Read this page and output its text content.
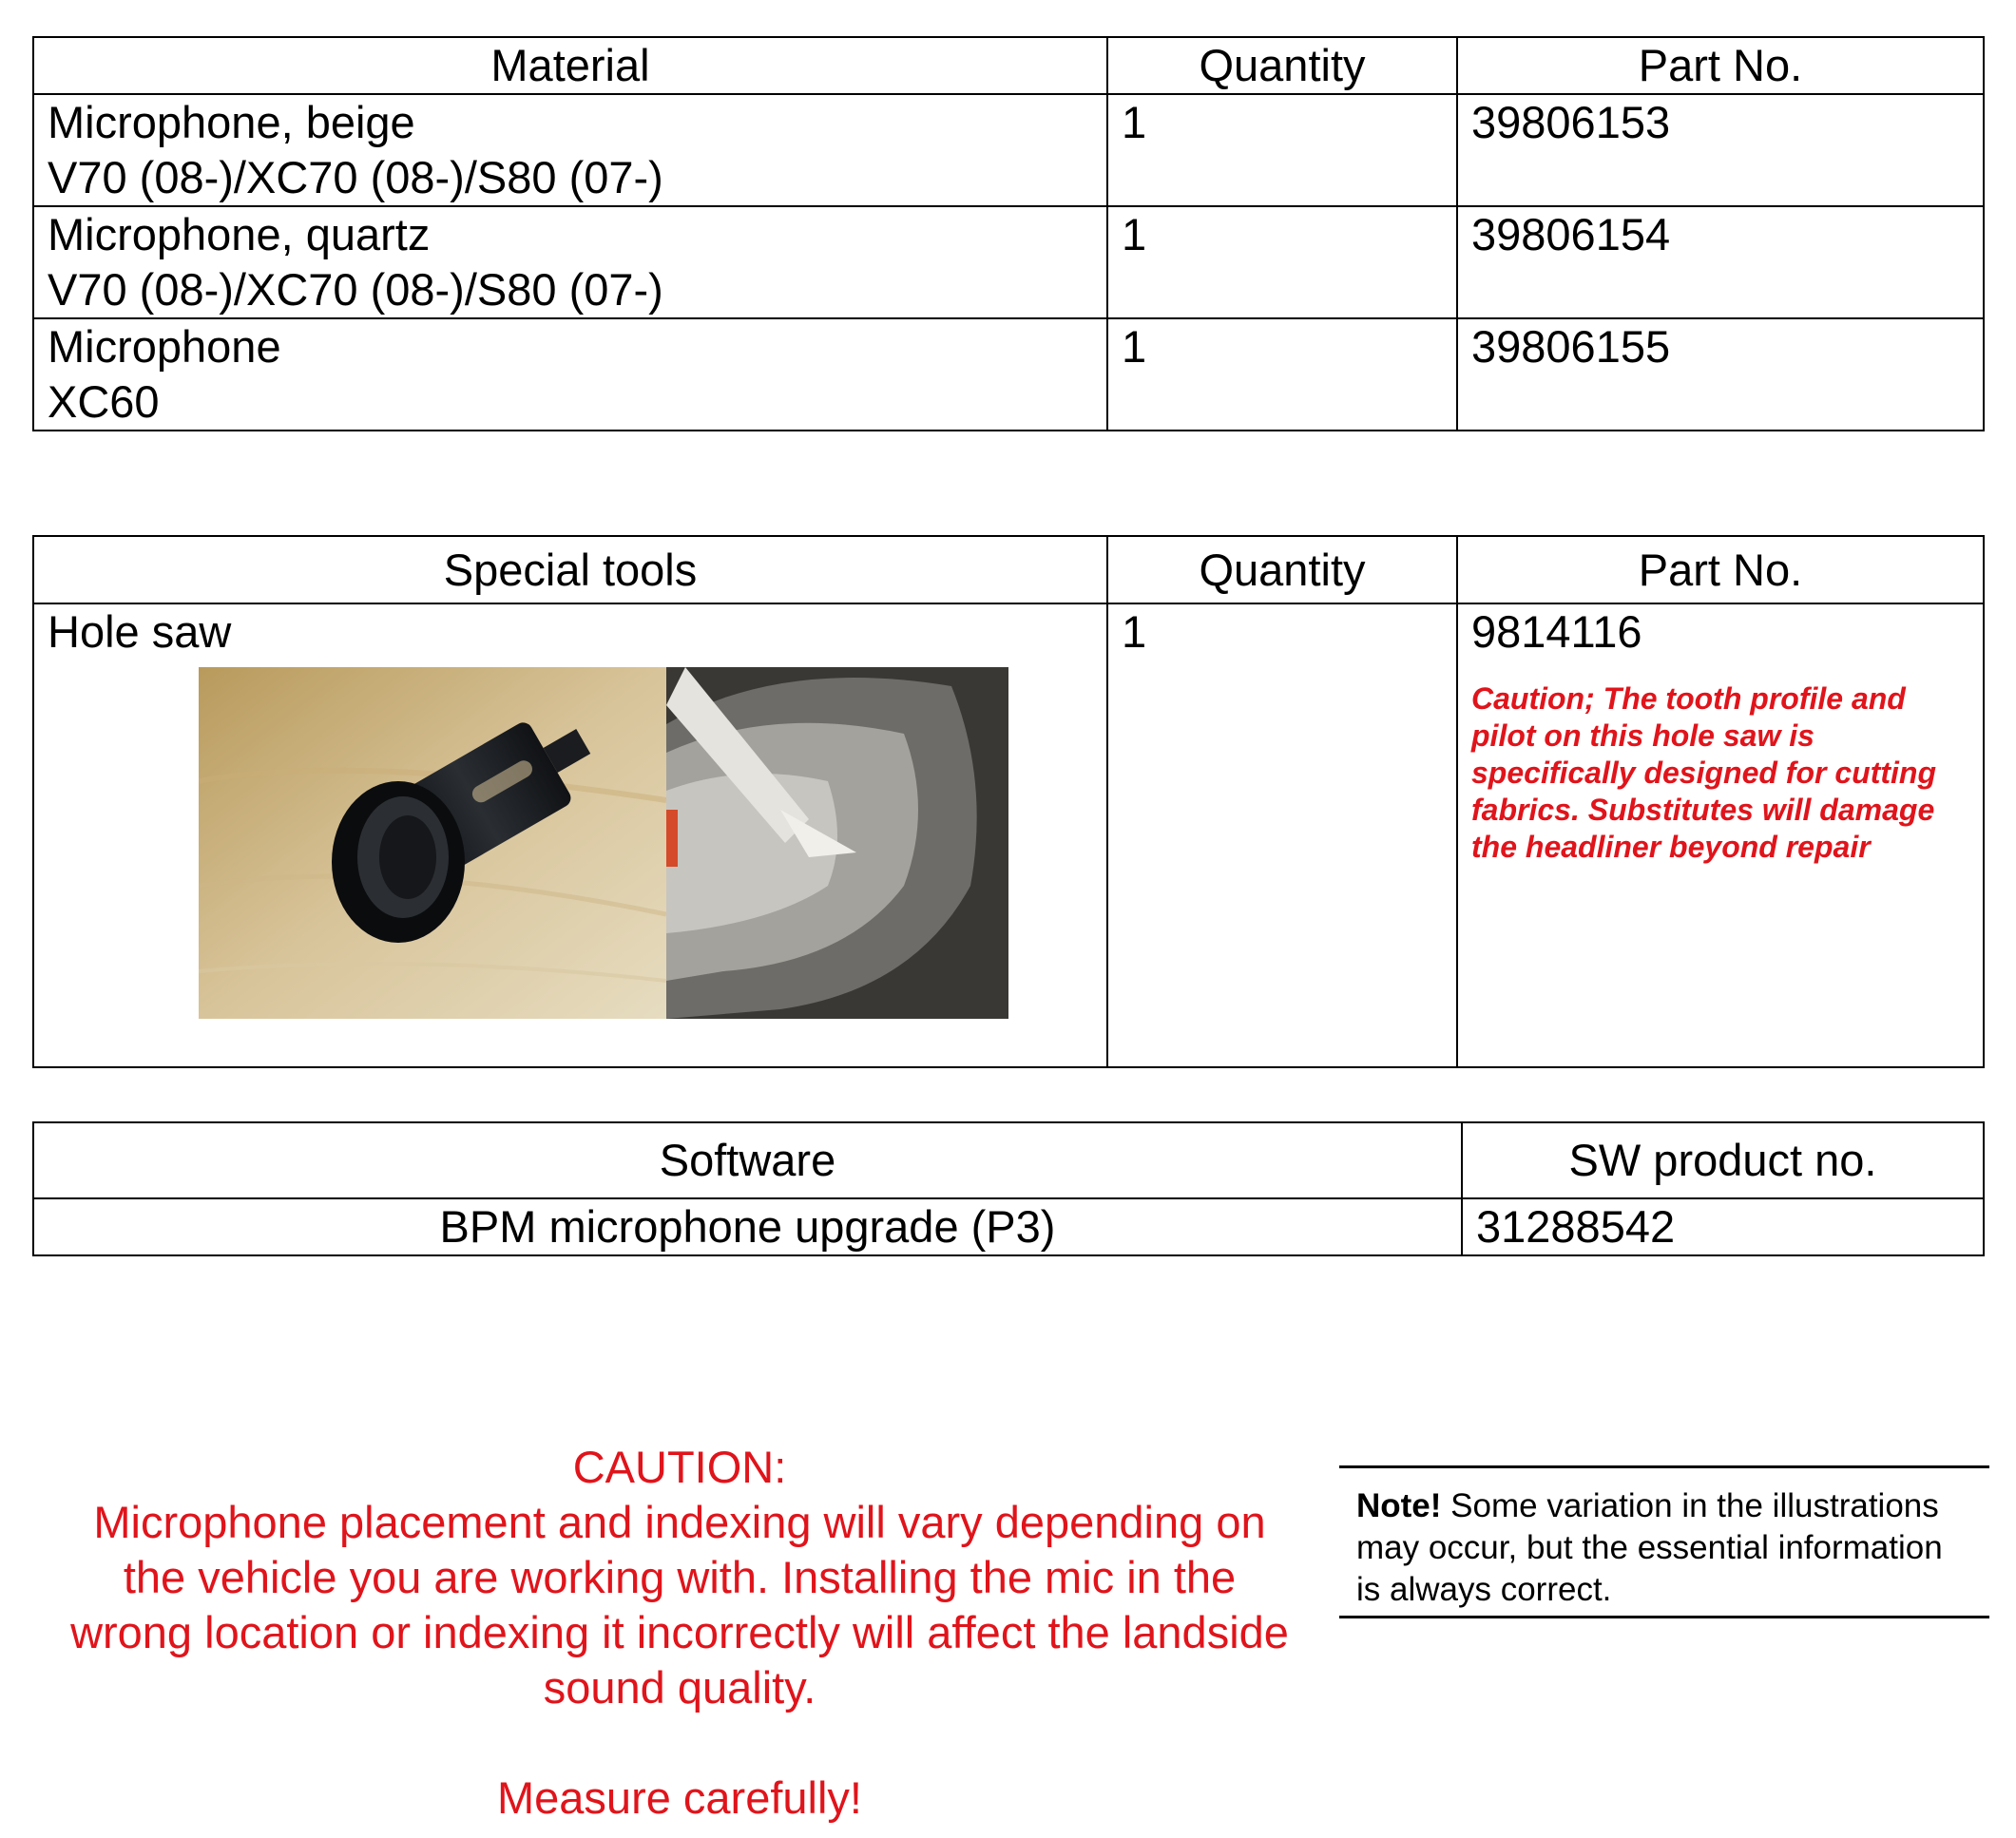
Material	Quantity	Part No.

Microphone, beige
V70 (08-)/XC70 (08-)/S80 (07-)	1	39806153

Microphone, quartz
V70 (08-)/XC70 (08-)/S80 (07-)	1	39806154

Microphone
XC60	1	39806155
Special tools	Quantity	Part No.

Hole saw	1	9814116
Caution; The tooth profile and pilot on this hole saw is specifically designed for cutting fabrics. Substitutes will damage the headliner beyond repair
Software	SW product no.
BPM microphone upgrade (P3)	31288542

CAUTION:

Microphone placement and indexing will vary depending on the vehicle you are working with. Installing the mic in the wrong location or indexing it incorrectly will affect the landside sound quality.

Measure carefully!

Note! Some variation in the illustrations may occur, but the essential information is always correct.
